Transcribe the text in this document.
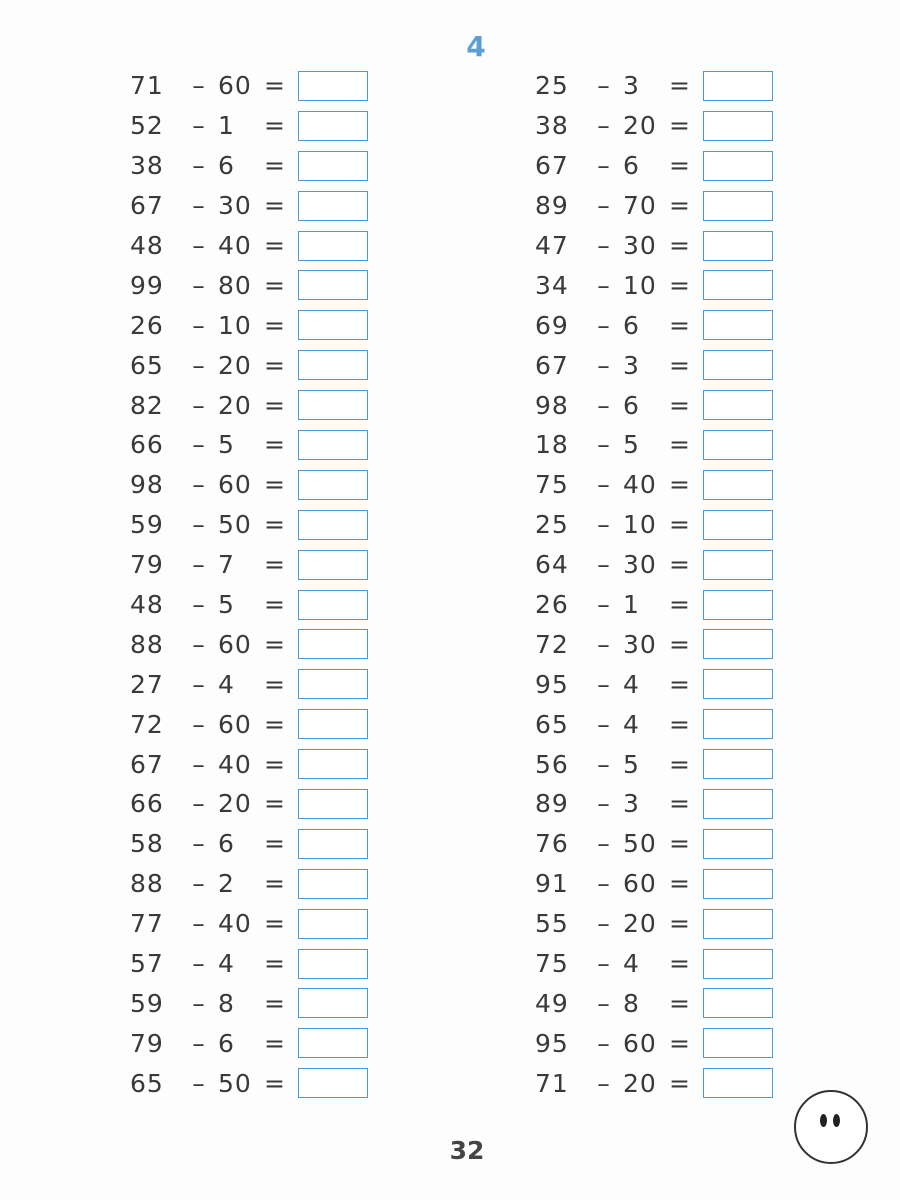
4
71	– 60 =
52	– 1	=
38	– 6	=
67	– 30 =
48	– 40 =
99	– 80 =
26	– 10 =
65	– 20 =
82	– 20 =
66	– 5	=
98	– 60 =
59	– 50 =
79	– 7	=
48	– 5	=
88	– 60 =
27	– 4	=
72	– 60 =
67	– 40 =
66	– 20 =
58	– 6	=
88	– 2	=
77	– 40 =
57	– 4	=
59	– 8	=
79	– 6	=
65	– 50 =
25	– 3	=
38	– 20 =
67	– 6	=
89	– 70 =
47	– 30 =
34	– 10 =
69	– 6	=
67	– 3	=
98	– 6	=
18	– 5	=
75	– 40 =
25	– 10 =
64	– 30 =
26	– 1	=
72	– 30 =
95	– 4	=
65	– 4	=
56	– 5	=
89	– 3	=
76	– 50 =
91	– 60 =
55	– 20 =
75	– 4	=
49	– 8	=
95	– 60 =
71	– 20 =
32
